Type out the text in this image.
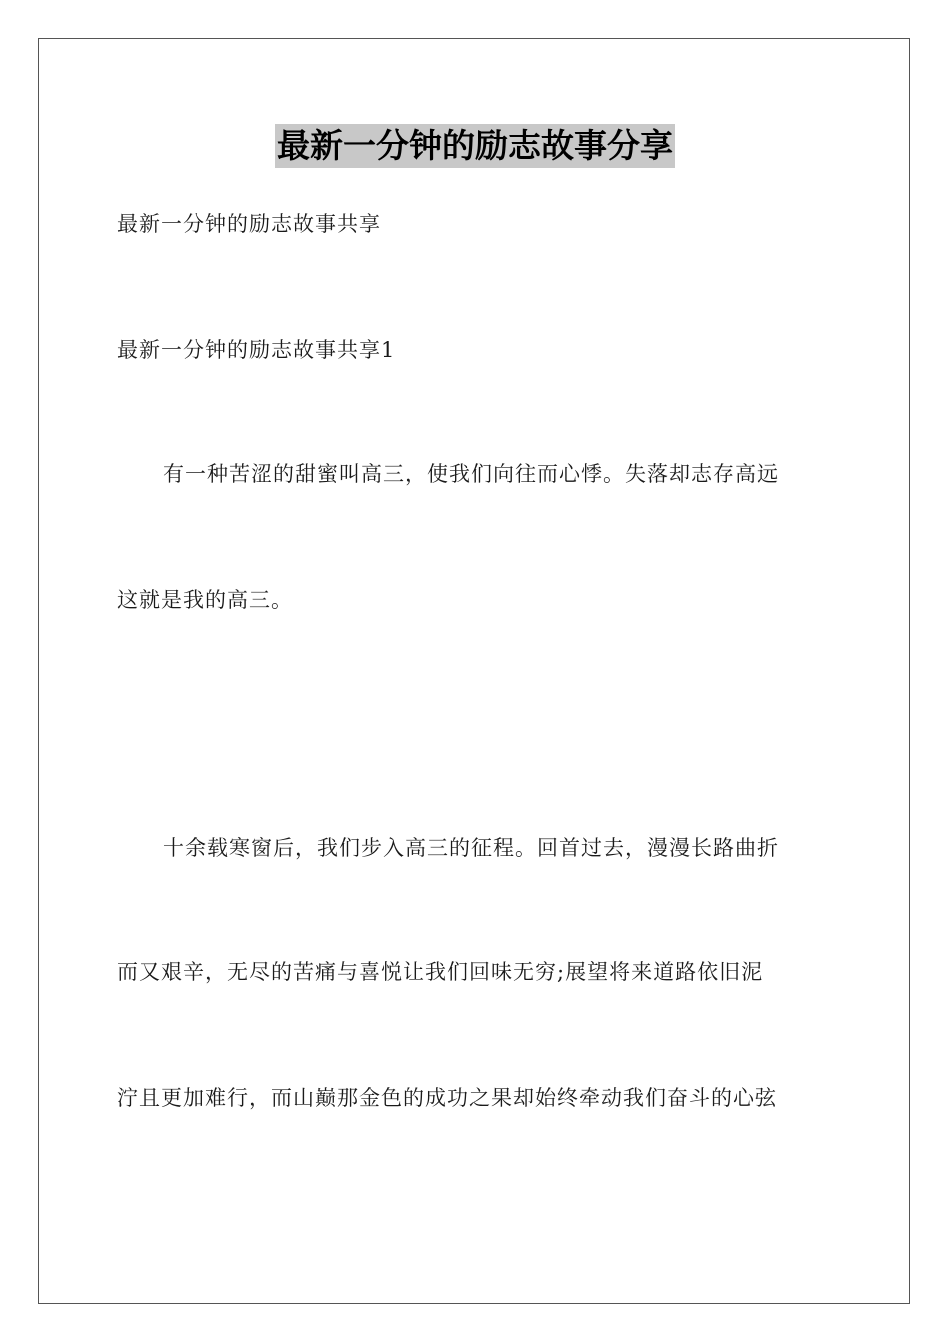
最新一分钟的励志故事分享

最新一分钟的励志故事共享

最新一分钟的励志故事共享1

有一种苦涩的甜蜜叫高三，使我们向往而心悸。失落却志存高远

这就是我的高三。

十余载寒窗后，我们步入高三的征程。回首过去，漫漫长路曲折

而又艰辛，无尽的苦痛与喜悦让我们回味无穷;展望将来道路依旧泥

泞且更加难行，而山巅那金色的成功之果却始终牵动我们奋斗的心弦
